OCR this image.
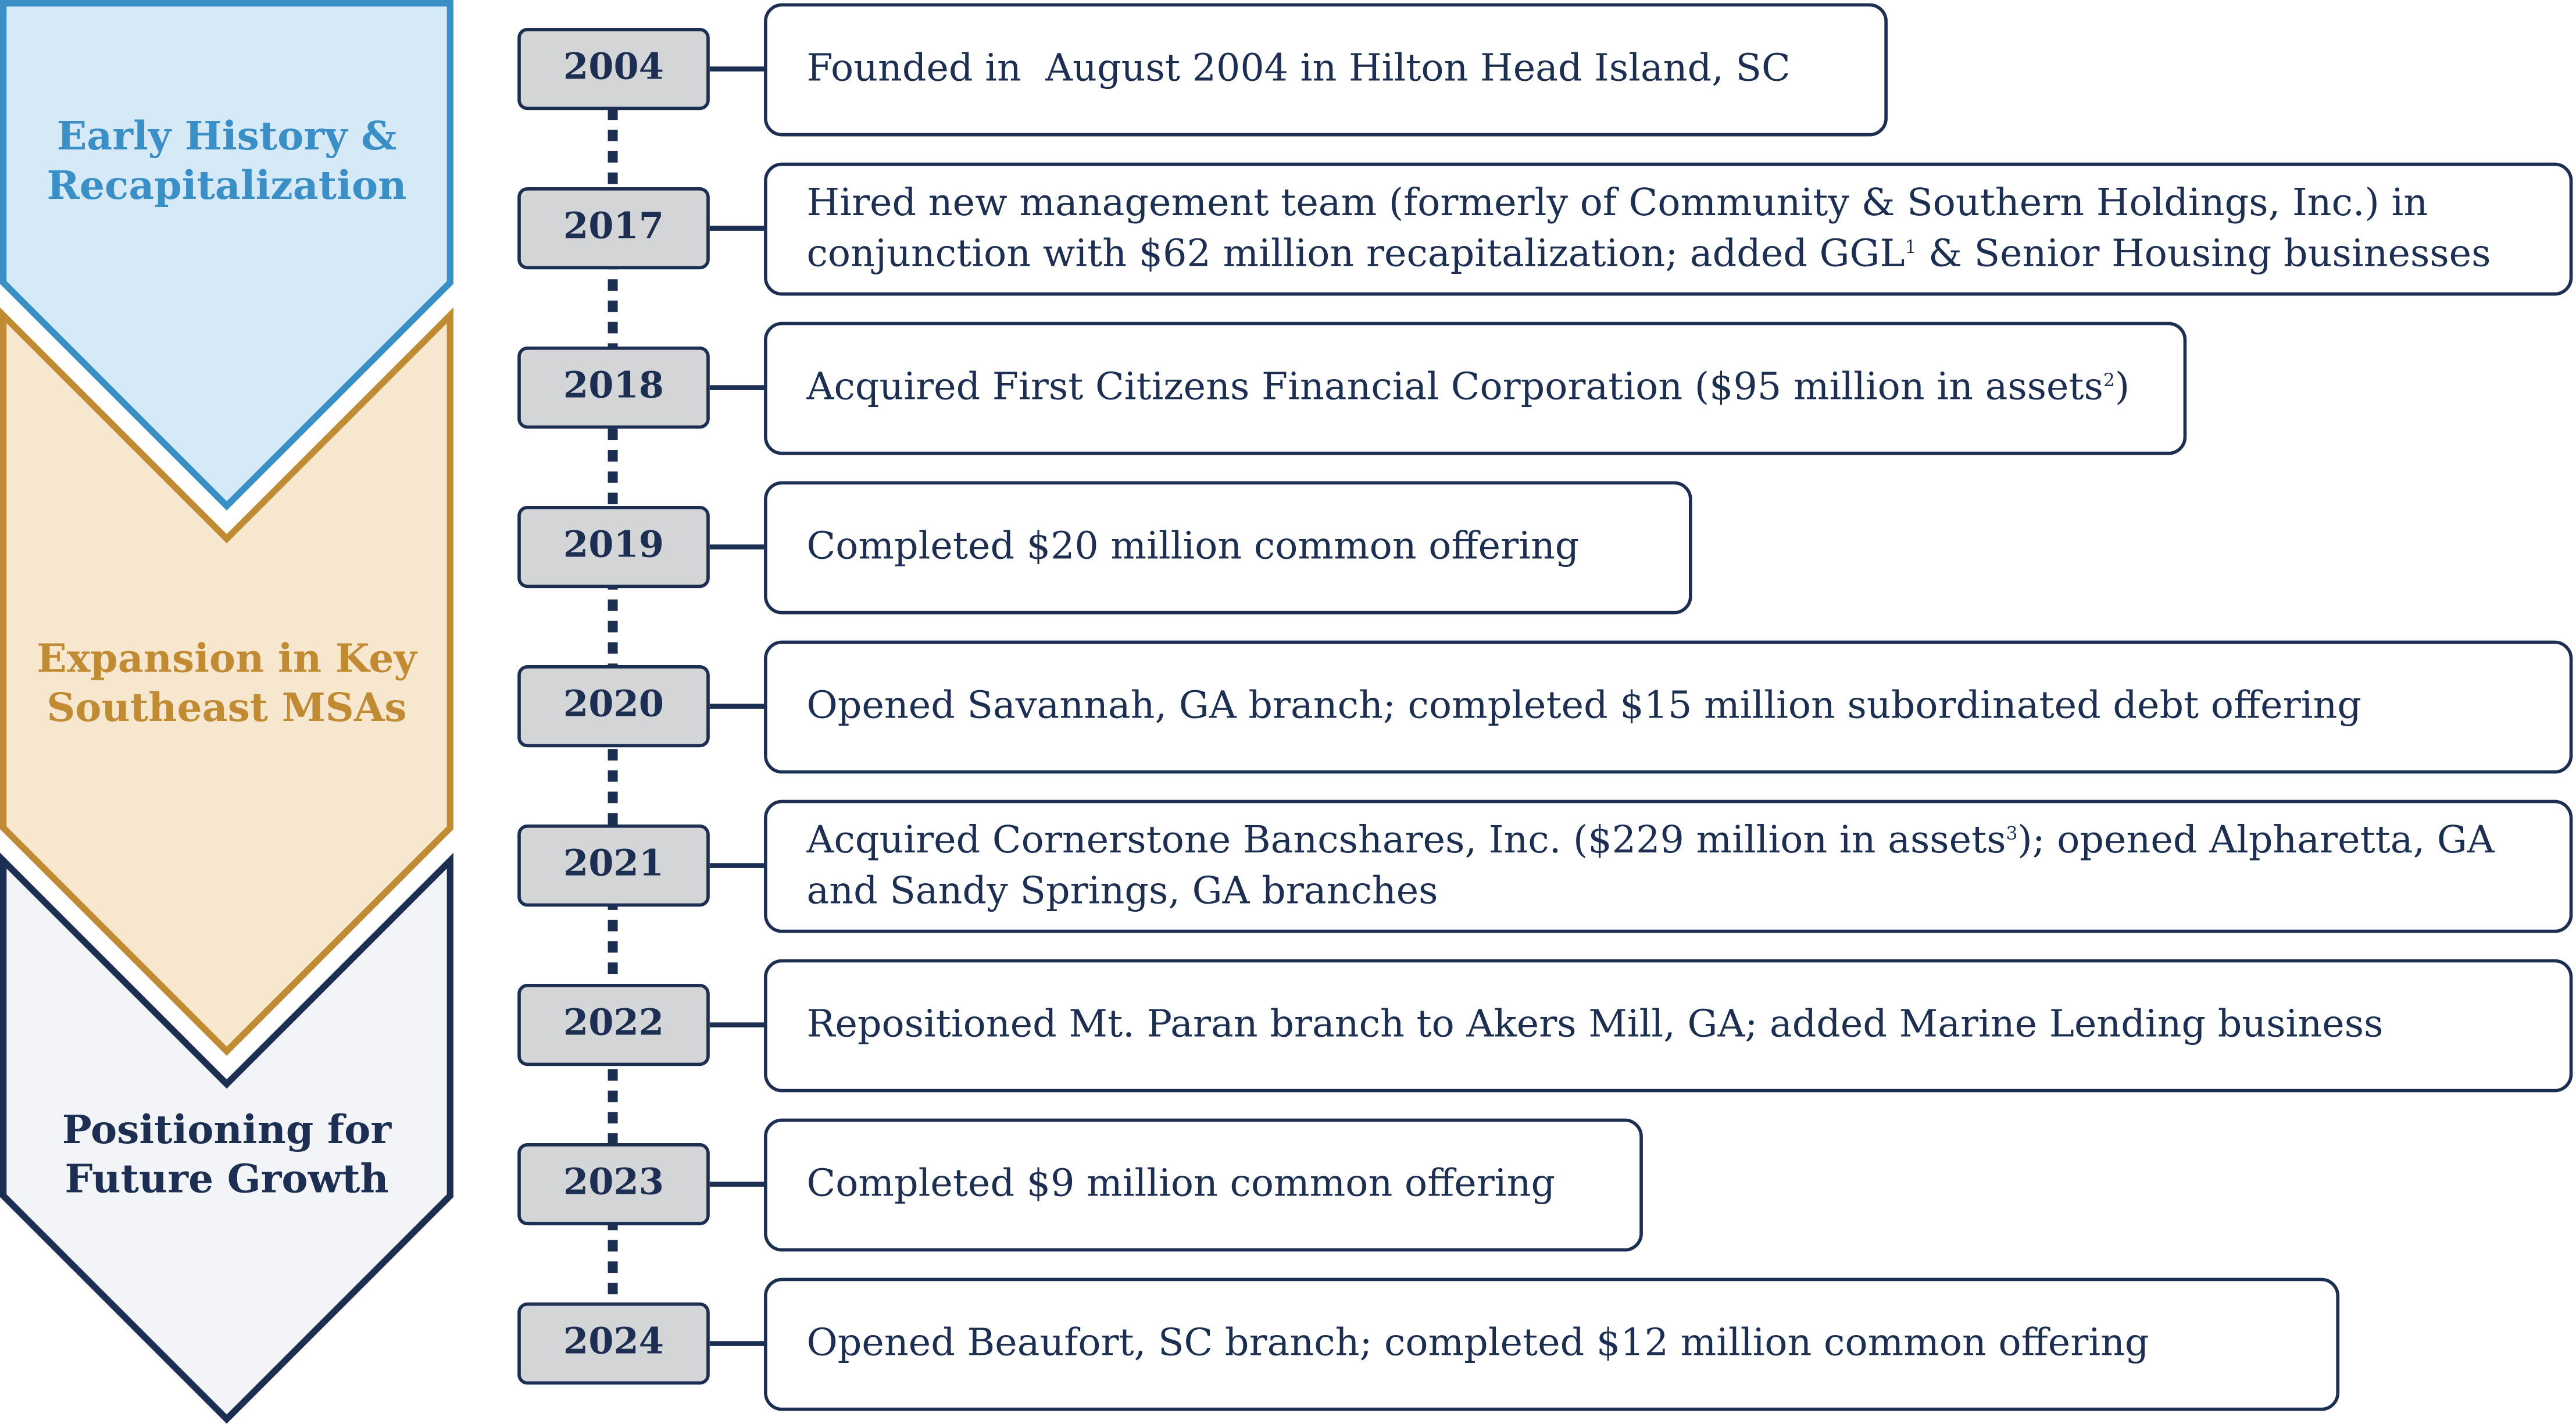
Early History &
Recapitalization
Expansion in Key
Southeast MSAs
Positioning for
Future Growth
2004
2017
2018
2019
2020
2021
2022
2023
2024
Founded in  August 2004 in Hilton Head Island, SC
Hired new management team (formerly of Community & Southern Holdings, Inc.) in conjunction with $62 million recapitalization; added GGL$^1$ & Senior Housing businesses
Acquired First Citizens Financial Corporation ($95 million in assets$^2$)
Completed $20 million common offering
Opened Savannah, GA branch; completed $15 million subordinated debt offering
Acquired Cornerstone Bancshares, Inc. ($229 million in assets$^3$); opened Alpharetta, GA and Sandy Springs, GA branches
Repositioned Mt. Paran branch to Akers Mill, GA; added Marine Lending business
Completed $9 million common offering
Opened Beaufort, SC branch; completed $12 million common offering
